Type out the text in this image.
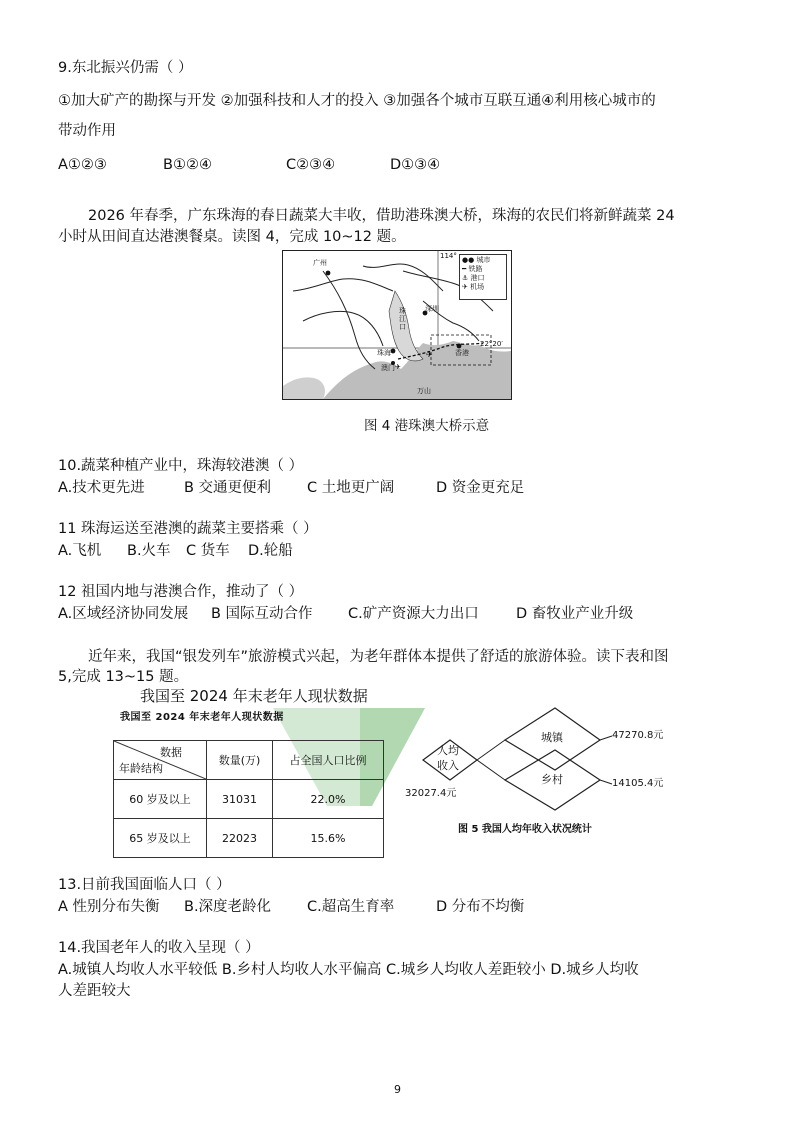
9.东北振兴仍需（ ）
①加大矿产的勘探与开发 ②加强科技和人才的投入 ③加强各个城市互联互通④利用核心城市的
带动作用
A①②③	B①②④	C②③④	D①③④
2026 年春季，广东珠海的春日蔬菜大丰收，借助港珠澳大桥，珠海的农民们将新鲜蔬菜 24
小时从田间直达港澳餐桌。读图 4，完成 10~12 题。
✈
✈
广州
深圳
珠海
澳门
香港
珠江口
万山
114°
22°20′
●● 城市
━ 铁路
⚓ 港口
✈ 机场
图 4 港珠澳大桥示意
10.蔬菜种植产业中，珠海较港澳（ ）
A.技术更先进	B 交通更便利 C 土地更广阔	D 资金更充足
11 珠海运送至港澳的蔬菜主要搭乘（ ）
A.飞机 B.火车 C 货车 D.轮船
12 祖国内地与港澳合作，推动了（ ）
A.区域经济协同发展 B 国际互动合作 C.矿产资源大力出口	D 畜牧业产业升级
近年来，我国“银发列车”旅游模式兴起，为老年群体本提供了舒适的旅游体验。读下表和图
5,完成 13~15 题。
我国至 2024 年末老年人现状数据
我国至 2024 年末老年人现状数据
数据
年龄结构	数量(万)	占全国人口比例
60 岁及以上	31031	22.0%
65 岁及以上	22023	15.6%
人均
收入
32027.4元
城镇	47270.8元
乡村	14105.4元
图 5 我国人均年收入状况统计
13.日前我国面临人口（ ）
A 性别分布失衡 B.深度老龄化 C.超高生育率	D 分布不均衡
14.我国老年人的收入呈现（ ）
A.城镇人均收人水平较低 B.乡村人均收人水平偏高 C.城乡人均收人差距较小 D.城乡人均收
人差距较大
9
